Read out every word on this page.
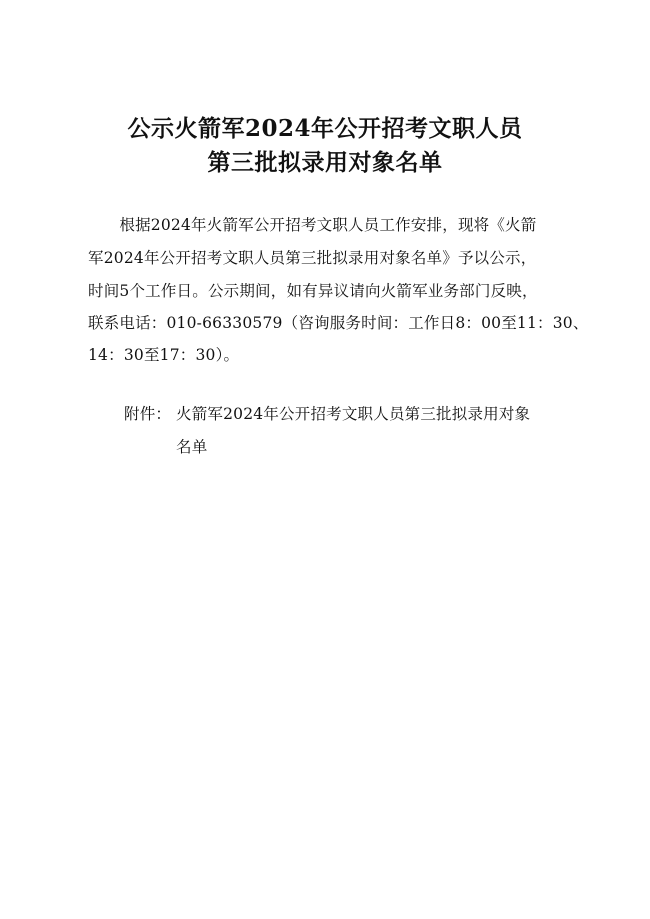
公示火箭军2024年公开招考文职人员
第三批拟录用对象名单
　　根据2024年火箭军公开招考文职人员工作安排，现将《火箭
军2024年公开招考文职人员第三批拟录用对象名单》予以公示，
时间5个工作日。公示期间，如有异议请向火箭军业务部门反映，
联系电话：010-66330579（咨询服务时间：工作日8：00至11：30、
14：30至17：30）。
附件： 火箭军2024年公开招考文职人员第三批拟录用对象
名单
